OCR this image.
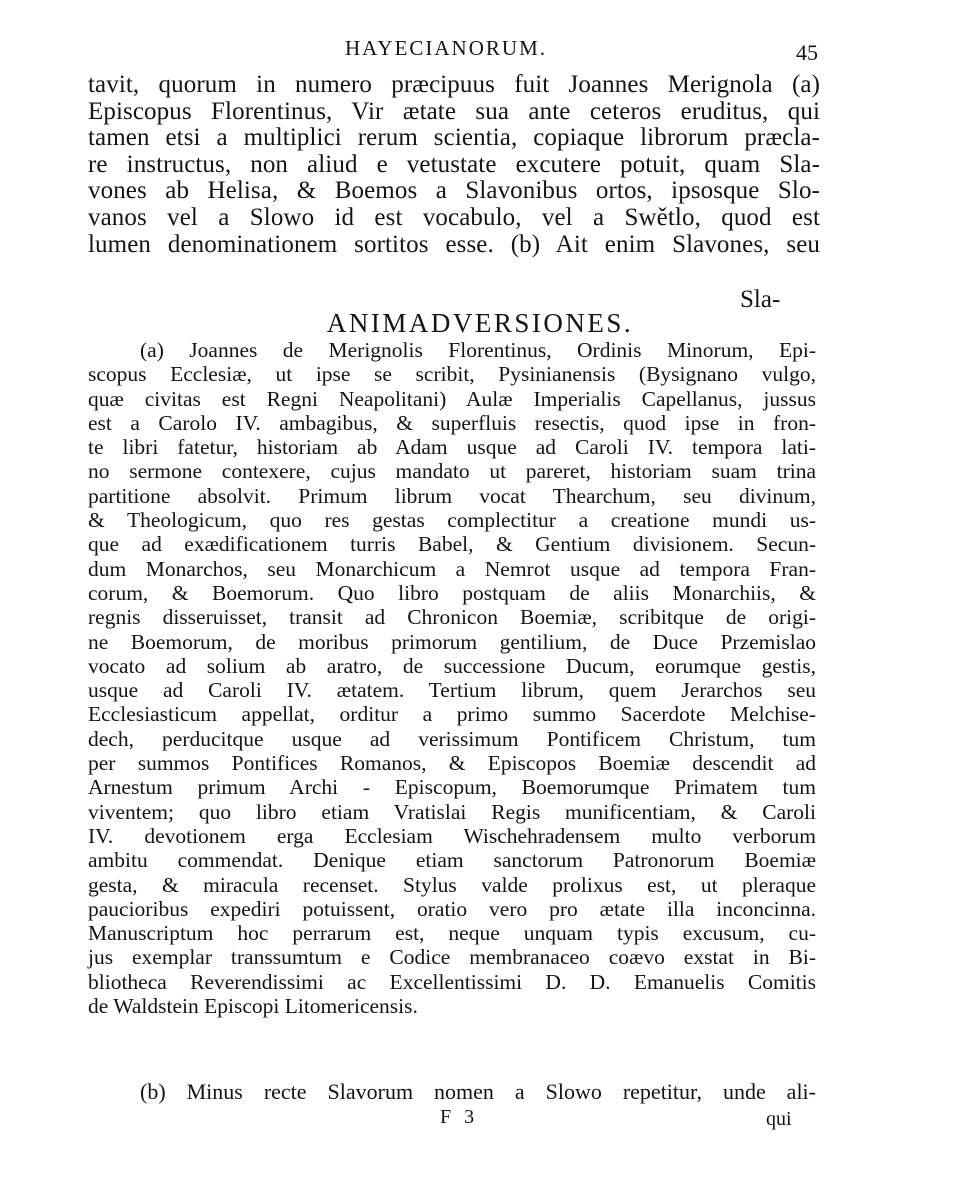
HAYECIANORUM.	45
tavit, quorum in numero præcipuus fuit Joannes Merignola (a)
Episcopus Florentinus, Vir ætate sua ante ceteros eruditus, qui
tamen etsi a multiplici rerum scientia, copiaque librorum præcla-
re instructus, non aliud e vetustate excutere potuit, quam Sla-
vones ab Helisa, & Boemos a Slavonibus ortos, ipsosque Slo-
vanos vel a Slowo id est vocabulo, vel a Swětlo, quod est
lumen denominationem sortitos esse. (b) Ait enim Slavones, seu
Sla-
ANIMADVERSIONES.
(a) Joannes de Merignolis Florentinus, Ordinis Minorum, Epi-
scopus Ecclesiæ, ut ipse se scribit, Pysinianensis (Bysignano vulgo,
quæ civitas est Regni Neapolitani) Aulæ Imperialis Capellanus, jussus
est a Carolo IV. ambagibus, & superfluis resectis, quod ipse in fron-
te libri fatetur, historiam ab Adam usque ad Caroli IV. tempora lati-
no sermone contexere, cujus mandato ut pareret, historiam suam trina
partitione absolvit. Primum librum vocat Thearchum, seu divinum,
& Theologicum, quo res gestas complectitur a creatione mundi us-
que ad exædificationem turris Babel, & Gentium divisionem. Secun-
dum Monarchos, seu Monarchicum a Nemrot usque ad tempora Fran-
corum, & Boemorum. Quo libro postquam de aliis Monarchiis, &
regnis disseruisset, transit ad Chronicon Boemiæ, scribitque de origi-
ne Boemorum, de moribus primorum gentilium, de Duce Przemislao
vocato ad solium ab aratro, de successione Ducum, eorumque gestis,
usque ad Caroli IV. ætatem. Tertium librum, quem Jerarchos seu
Ecclesiasticum appellat, orditur a primo summo Sacerdote Melchise-
dech, perducitque usque ad verissimum Pontificem Christum, tum
per summos Pontifices Romanos, & Episcopos Boemiæ descendit ad
Arnestum primum Archi - Episcopum, Boemorumque Primatem tum
viventem; quo libro etiam Vratislai Regis munificentiam, & Caroli
IV. devotionem erga Ecclesiam Wischehradensem multo verborum
ambitu commendat. Denique etiam sanctorum Patronorum Boemiæ
gesta, & miracula recenset. Stylus valde prolixus est, ut pleraque
paucioribus expediri potuissent, oratio vero pro ætate illa inconcinna.
Manuscriptum hoc perrarum est, neque unquam typis excusum, cu-
jus exemplar transsumtum e Codice membranaceo coævo exstat in Bi-
bliotheca Reverendissimi ac Excellentissimi D. D. Emanuelis Comitis
de Waldstein Episcopi Litomericensis.
(b) Minus recte Slavorum nomen a Slowo repetitur, unde ali-
F 3	qui
